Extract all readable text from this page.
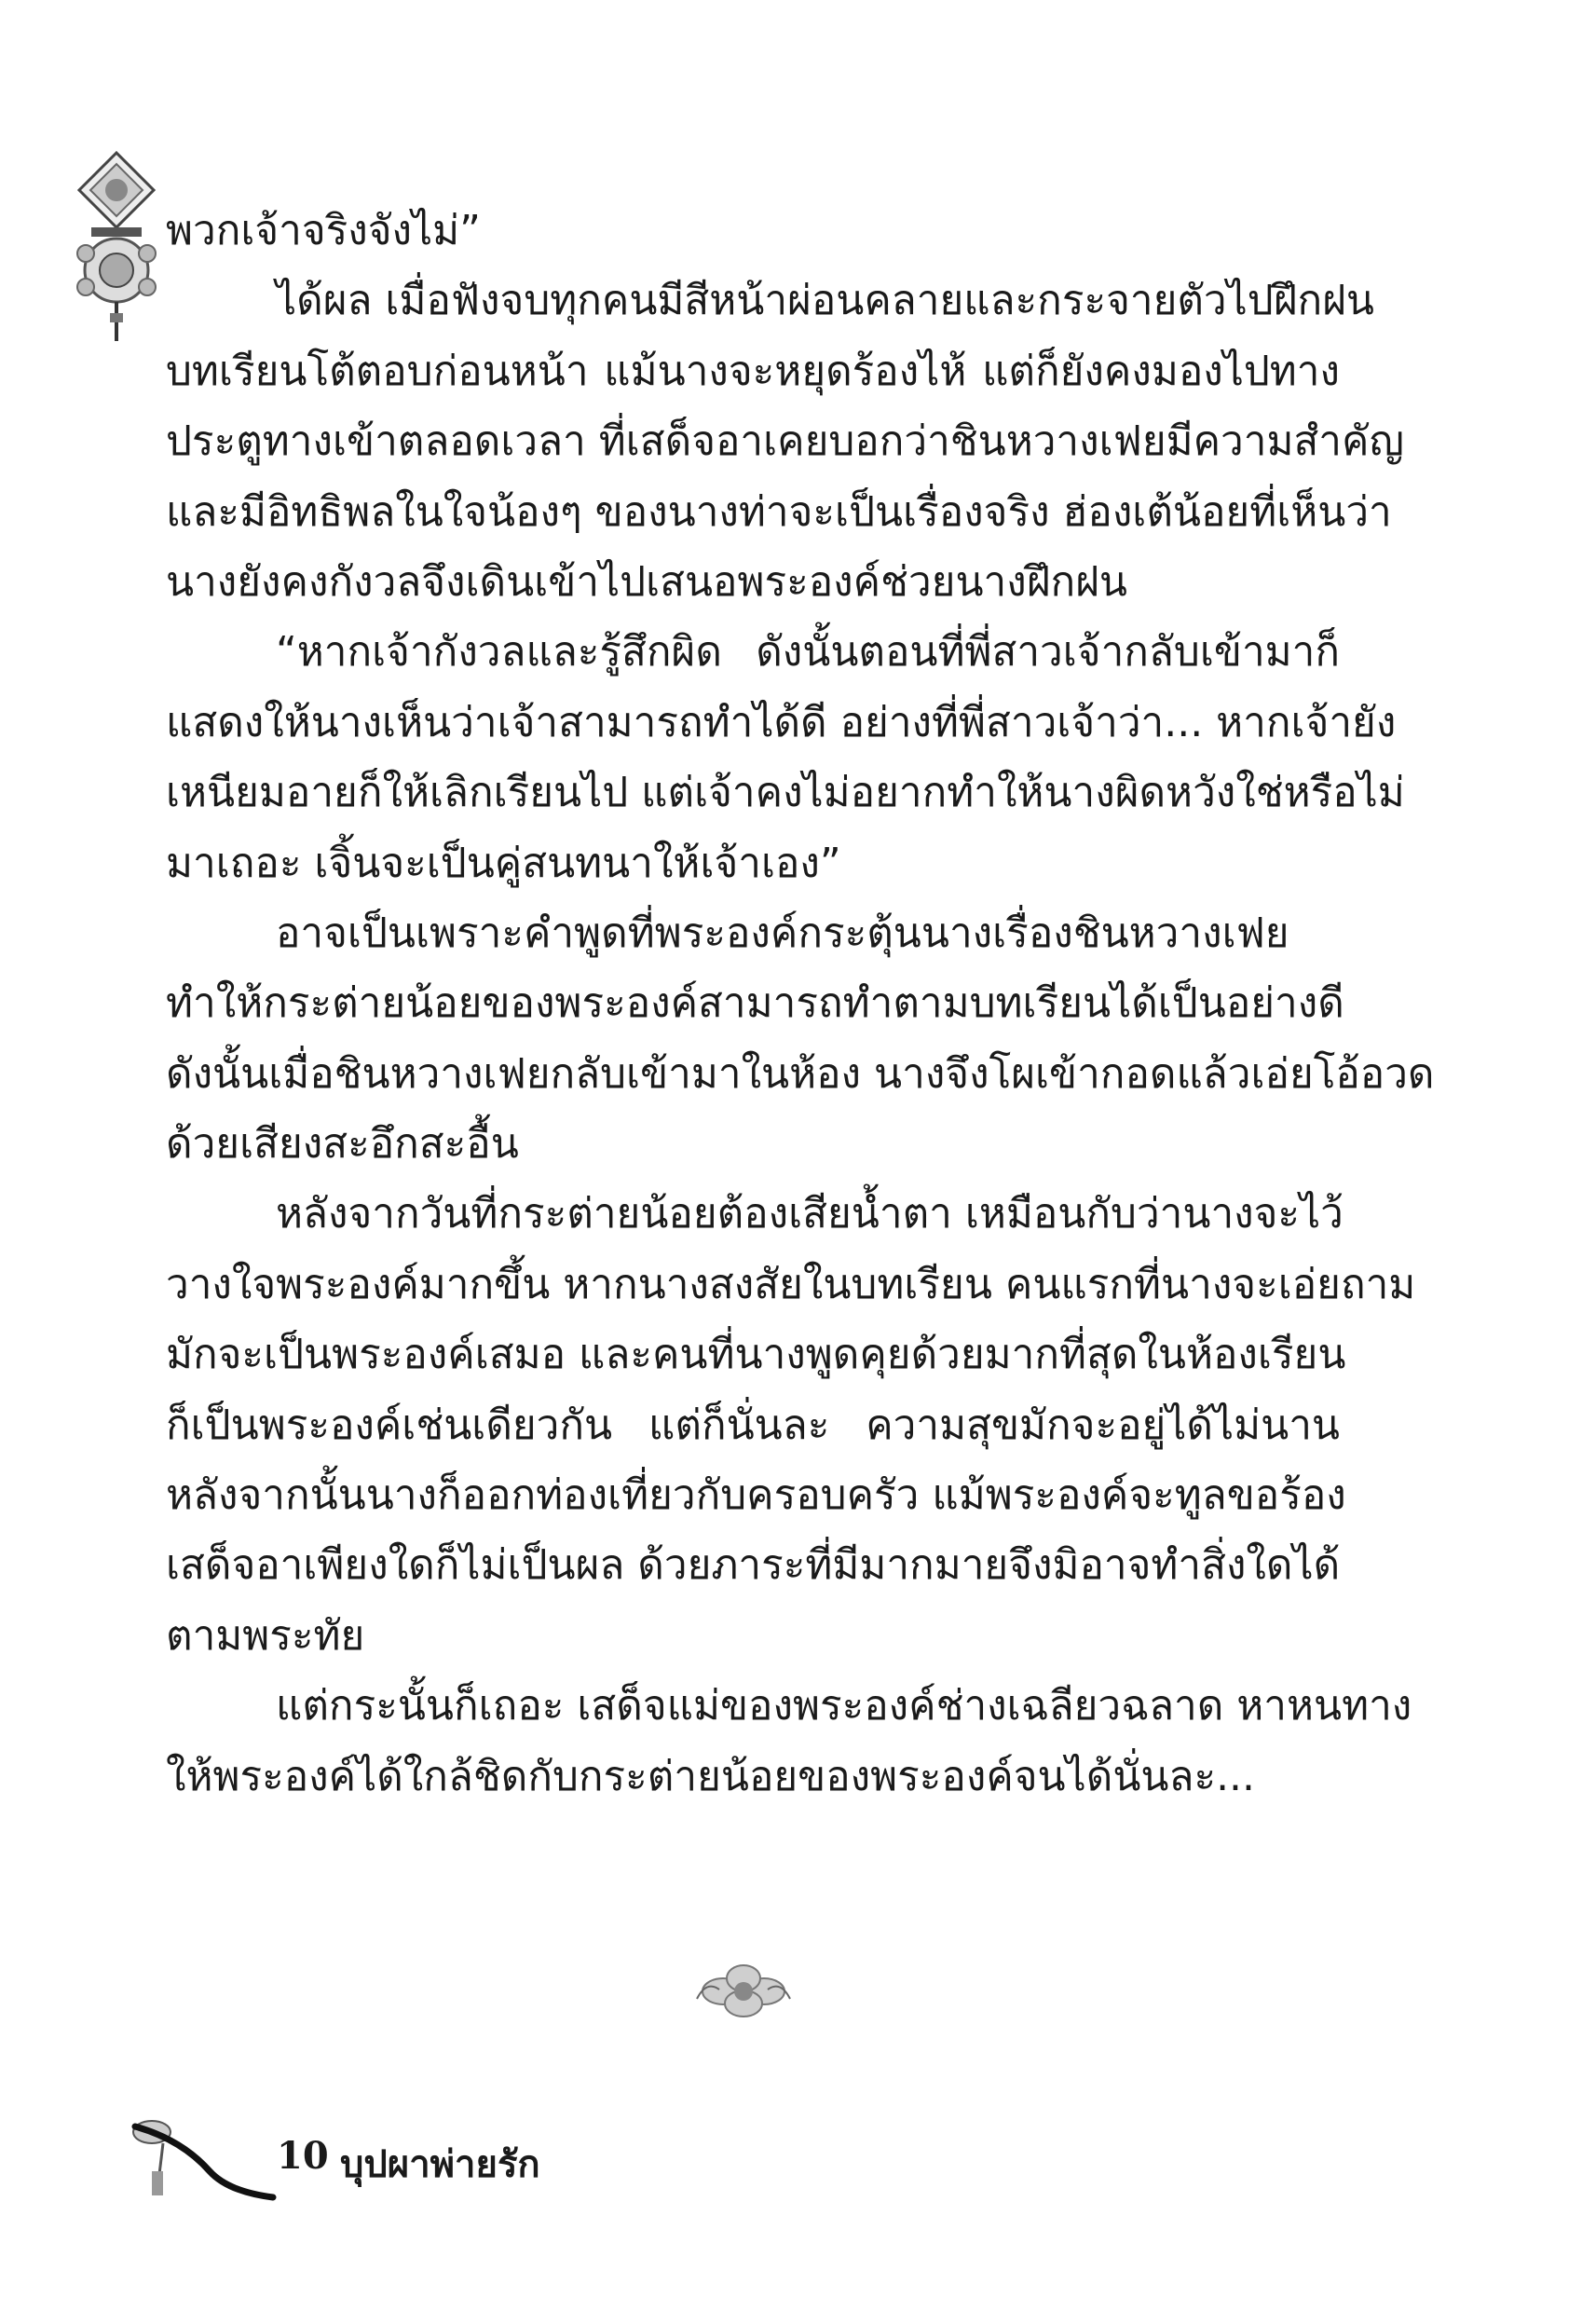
พวกเจ้าจริงจังไม่”
ได้ผล เมื่อฟังจบทุกคนมีสีหน้าผ่อนคลายและกระจายตัวไปฝึกฝน
บทเรียนโต้ตอบก่อนหน้า แม้นางจะหยุดร้องไห้ แต่ก็ยังคงมองไปทาง
ประตูทางเข้าตลอดเวลา ที่เสด็จอาเคยบอกว่าชินหวางเฟยมีความสำคัญ
และมีอิทธิพลในใจน้องๆ ของนางท่าจะเป็นเรื่องจริง ฮ่องเต้น้อยที่เห็นว่า
นางยังคงกังวลจึงเดินเข้าไปเสนอพระองค์ช่วยนางฝึกฝน
“หากเจ้ากังวลและรู้สึกผิด ดังนั้นตอนที่พี่สาวเจ้ากลับเข้ามาก็
แสดงให้นางเห็นว่าเจ้าสามารถทำได้ดี อย่างที่พี่สาวเจ้าว่า... หากเจ้ายัง
เหนียมอายก็ให้เลิกเรียนไป แต่เจ้าคงไม่อยากทำให้นางผิดหวังใช่หรือไม่
มาเถอะ เจิ้นจะเป็นคู่สนทนาให้เจ้าเอง”
อาจเป็นเพราะคำพูดที่พระองค์กระตุ้นนางเรื่องชินหวางเฟย
ทำให้กระต่ายน้อยของพระองค์สามารถทำตามบทเรียนได้เป็นอย่างดี
ดังนั้นเมื่อชินหวางเฟยกลับเข้ามาในห้อง นางจึงโผเข้ากอดแล้วเอ่ยโอ้อวด
ด้วยเสียงสะอึกสะอื้น
หลังจากวันที่กระต่ายน้อยต้องเสียน้ำตา เหมือนกับว่านางจะไว้
วางใจพระองค์มากขึ้น หากนางสงสัยในบทเรียน คนแรกที่นางจะเอ่ยถาม
มักจะเป็นพระองค์เสมอ และคนที่นางพูดคุยด้วยมากที่สุดในห้องเรียน
ก็เป็นพระองค์เช่นเดียวกัน แต่ก็นั่นละ ความสุขมักจะอยู่ได้ไม่นาน
หลังจากนั้นนางก็ออกท่องเที่ยวกับครอบครัว แม้พระองค์จะทูลขอร้อง
เสด็จอาเพียงใดก็ไม่เป็นผล ด้วยภาระที่มีมากมายจึงมิอาจทำสิ่งใดได้
ตามพระทัย
แต่กระนั้นก็เถอะ เสด็จแม่ของพระองค์ช่างเฉลียวฉลาด หาหนทาง
ให้พระองค์ได้ใกล้ชิดกับกระต่ายน้อยของพระองค์จนได้นั่นละ...
10 บุปผาพ่ายรัก
